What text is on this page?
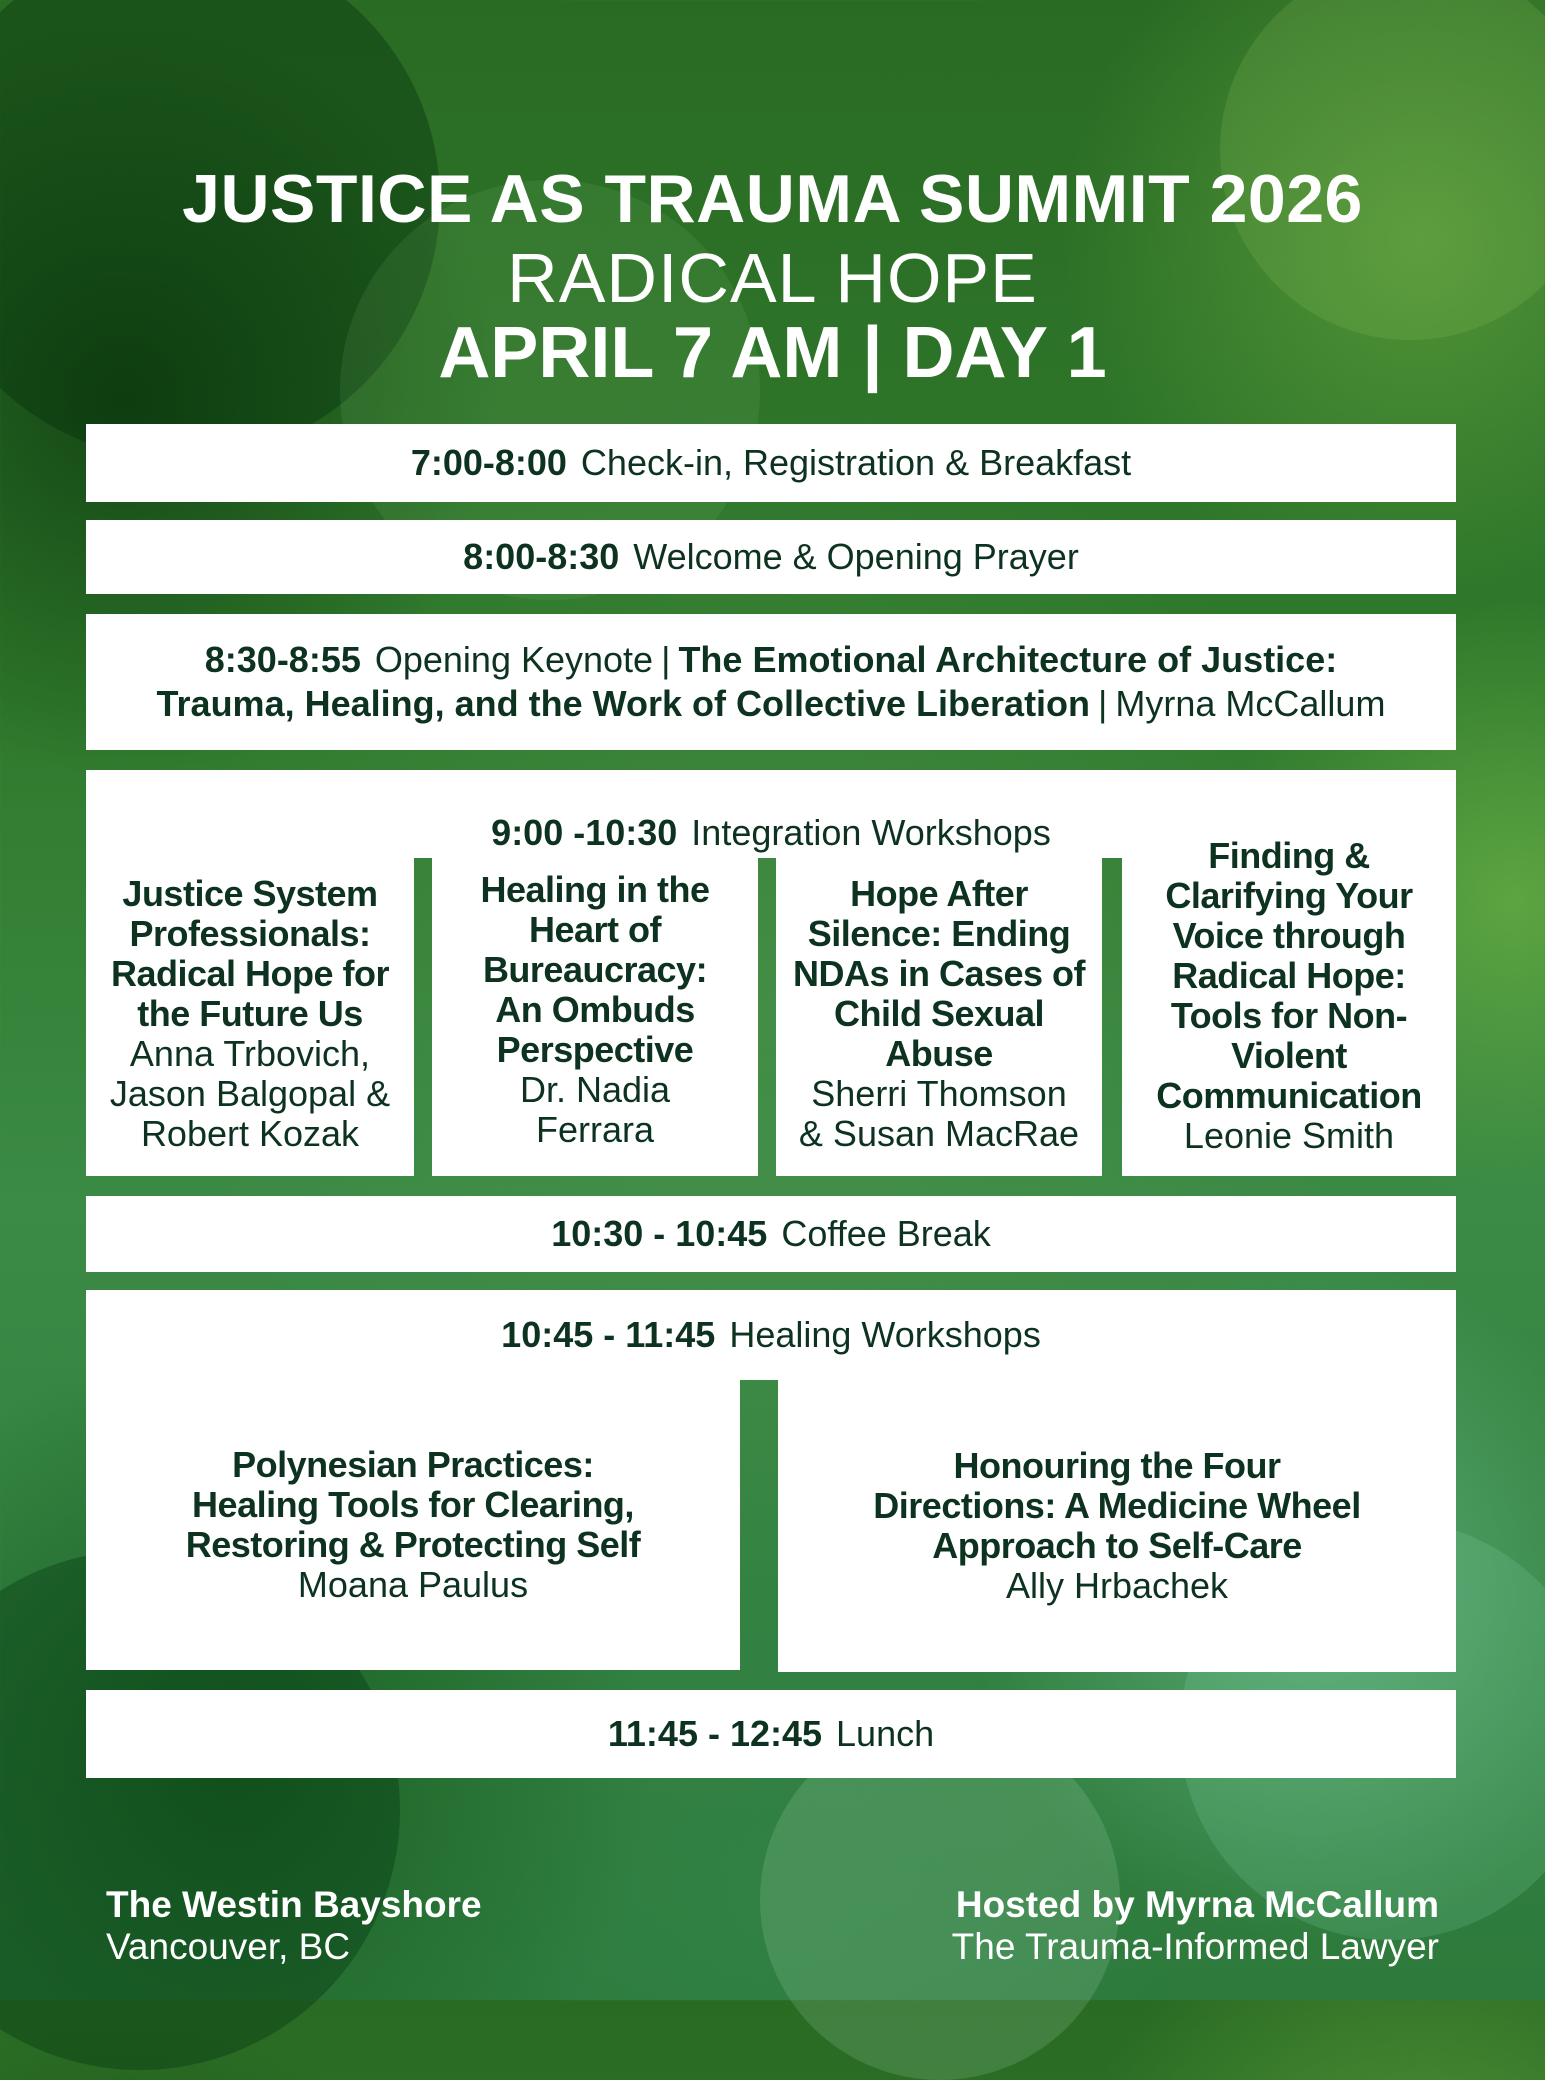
JUSTICE AS TRAUMA SUMMIT 2026
RADICAL HOPE
APRIL 7 AM | DAY 1
7:00-8:00 Check-in, Registration & Breakfast
8:00-8:30 Welcome & Opening Prayer
8:30-8:55 Opening Keynote | The Emotional Architecture of Justice:
Trauma, Healing, and the Work of Collective Liberation | Myrna McCallum
9:00 -10:30 Integration Workshops
Justice System
Professionals:
Radical Hope for
the Future Us
Anna Trbovich,
Jason Balgopal &
Robert Kozak
Healing in the
Heart of
Bureaucracy:
An Ombuds
Perspective
Dr. Nadia
Ferrara
Hope After
Silence: Ending
NDAs in Cases of
Child Sexual
Abuse
Sherri Thomson
& Susan MacRae
Finding &
Clarifying Your
Voice through
Radical Hope:
Tools for Non-
Violent
Communication
Leonie Smith
10:30 - 10:45 Coffee Break
10:45 - 11:45 Healing Workshops
Polynesian Practices:
Healing Tools for Clearing,
Restoring & Protecting Self
Moana Paulus
Honouring the Four
Directions: A Medicine Wheel
Approach to Self-Care
Ally Hrbachek
11:45 - 12:45 Lunch
The Westin Bayshore
Vancouver, BC
Hosted by Myrna McCallum
The Trauma-Informed Lawyer
